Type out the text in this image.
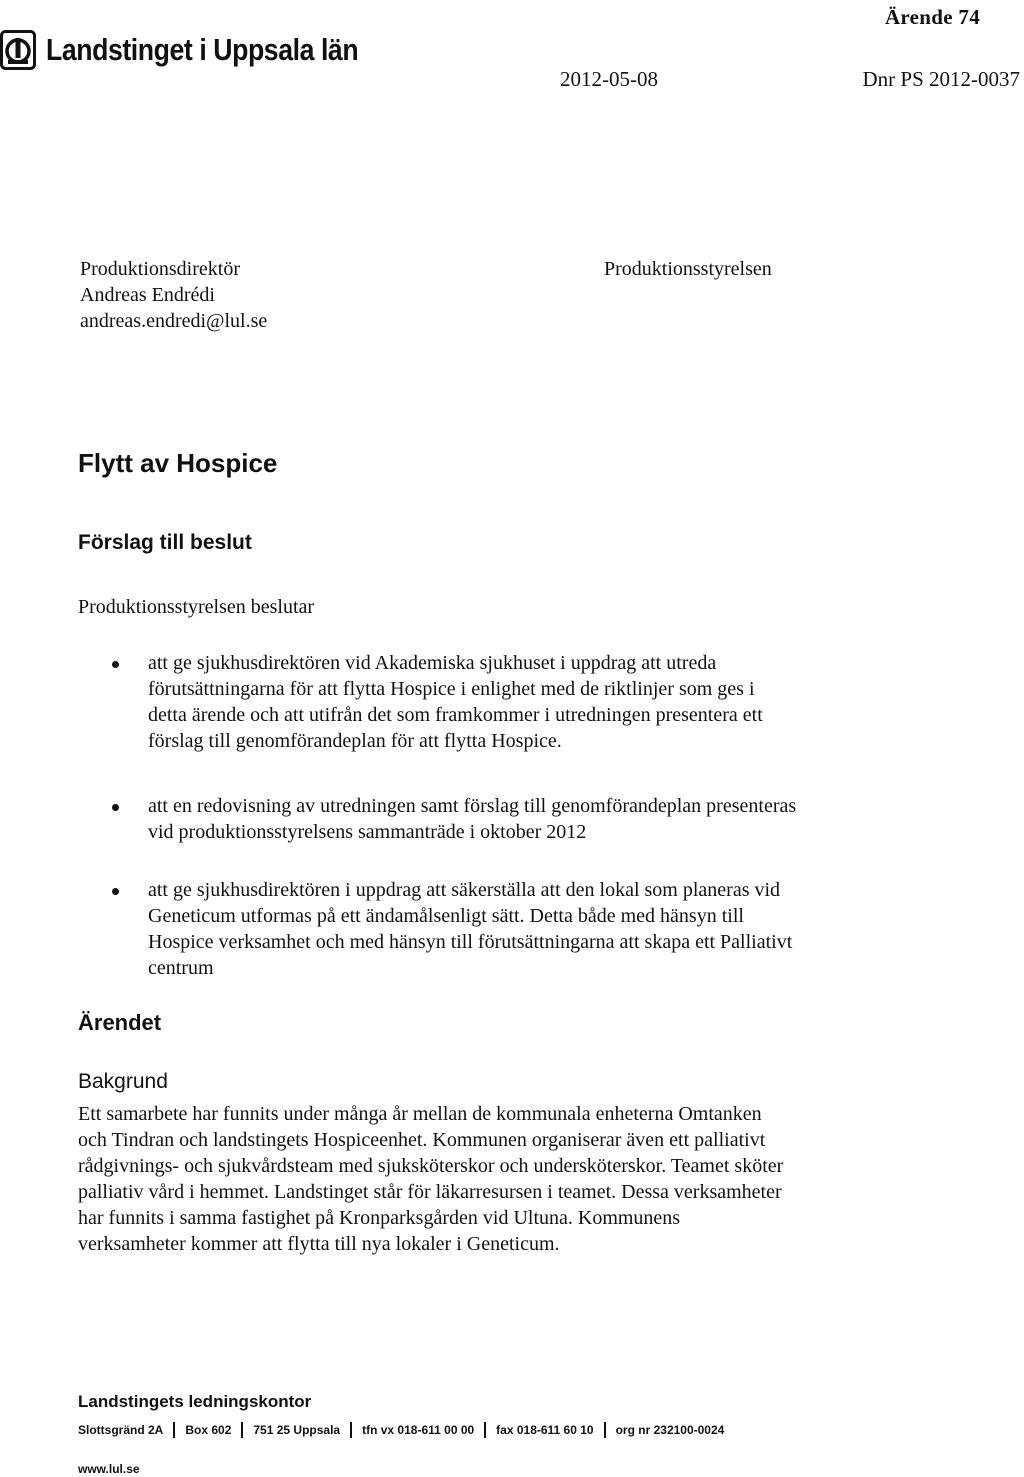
Ärende 74
Landstinget i Uppsala län
2012-05-08	Dnr PS 2012-0037
Produktionsdirektör
Andreas Endrédi
andreas.endredi@lul.se
Produktionsstyrelsen
Flytt av Hospice
Förslag till beslut
Produktionsstyrelsen beslutar
att ge sjukhusdirektören vid Akademiska sjukhuset i uppdrag att utreda
förutsättningarna för att flytta Hospice i enlighet med de riktlinjer som ges i
detta ärende och att utifrån det som framkommer i utredningen presentera ett
förslag till genomförandeplan för att flytta Hospice.
att en redovisning av utredningen samt förslag till genomförandeplan presenteras
vid produktionsstyrelsens sammanträde i oktober 2012
att ge sjukhusdirektören i uppdrag att säkerställa att den lokal som planeras vid
Geneticum utformas på ett ändamålsenligt sätt. Detta både med hänsyn till
Hospice verksamhet och med hänsyn till förutsättningarna att skapa ett Palliativt
centrum
Ärendet
Bakgrund
Ett samarbete har funnits under många år mellan de kommunala enheterna Omtanken
och Tindran och landstingets Hospiceenhet. Kommunen organiserar även ett palliativt
rådgivnings- och sjukvårdsteam med sjuksköterskor och undersköterskor. Teamet sköter
palliativ vård i hemmet. Landstinget står för läkarresursen i teamet. Dessa verksamheter
har funnits i samma fastighet på Kronparksgården vid Ultuna. Kommunens
verksamheter kommer att flytta till nya lokaler i Geneticum.
Landstingets ledningskontor
Slottsgränd 2A Box 602 751 25 Uppsala tfn vx 018-611 00 00 fax 018-611 60 10 org nr 232100-0024
www.lul.se
